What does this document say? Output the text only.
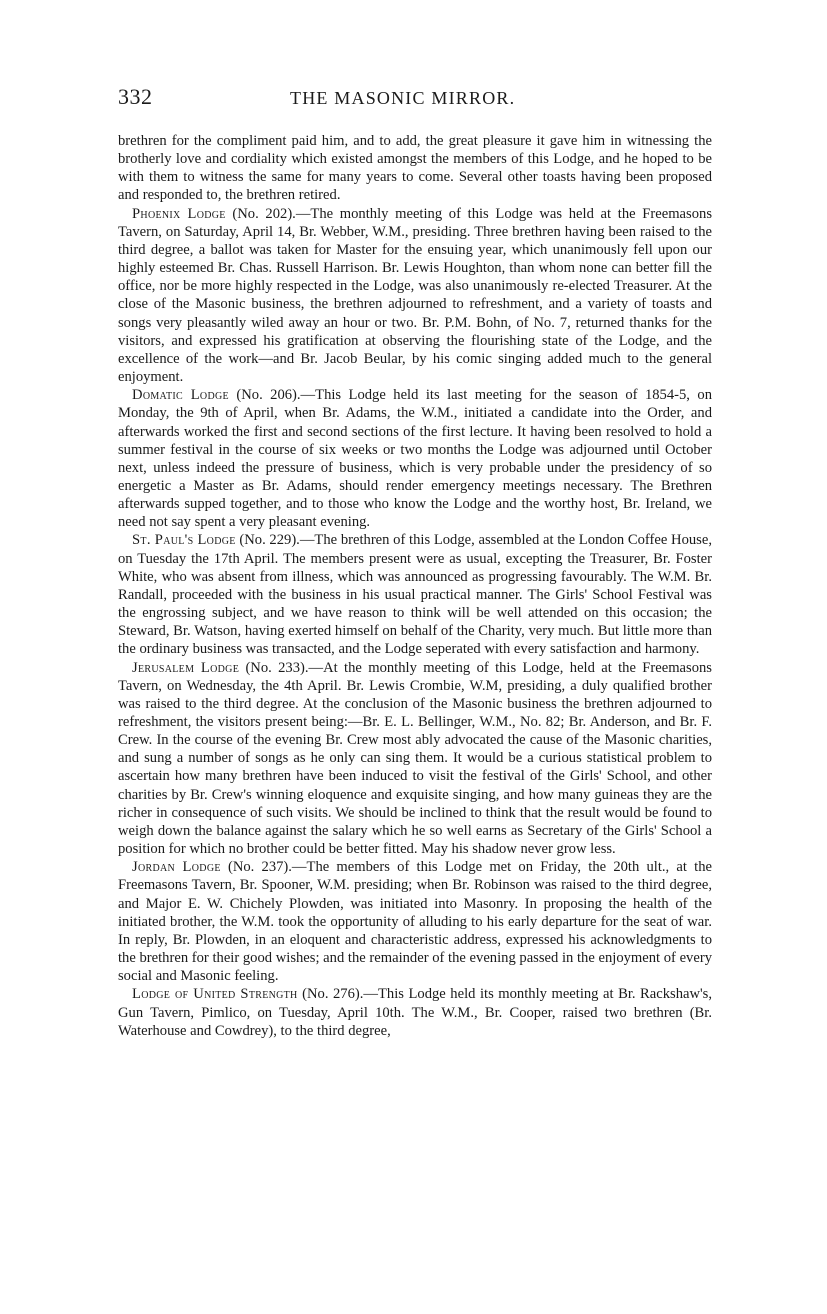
332	THE MASONIC MIRROR.

brethren for the compliment paid him, and to add, the great pleasure it gave him in witnessing the brotherly love and cordiality which existed amongst the members of this Lodge, and he hoped to be with them to witness the same for many years to come. Several other toasts having been proposed and responded to, the brethren retired.

Phoenix Lodge (No. 202).—The monthly meeting of this Lodge was held at the Freemasons Tavern, on Saturday, April 14, Br. Webber, W.M., presiding. Three brethren having been raised to the third degree, a ballot was taken for Master for the ensuing year, which unanimously fell upon our highly esteemed Br. Chas. Russell Harrison. Br. Lewis Houghton, than whom none can better fill the office, nor be more highly respected in the Lodge, was also unanimously re-elected Treasurer. At the close of the Masonic business, the brethren adjourned to refreshment, and a variety of toasts and songs very pleasantly wiled away an hour or two. Br. P.M. Bohn, of No. 7, returned thanks for the visitors, and expressed his gratification at observing the flourishing state of the Lodge, and the excellence of the work—and Br. Jacob Beular, by his comic singing added much to the general enjoyment.

Domatic Lodge (No. 206).—This Lodge held its last meeting for the season of 1854-5, on Monday, the 9th of April, when Br. Adams, the W.M., initiated a candidate into the Order, and afterwards worked the first and second sections of the first lecture. It having been resolved to hold a summer festival in the course of six weeks or two months the Lodge was adjourned until October next, unless indeed the pressure of business, which is very probable under the presidency of so energetic a Master as Br. Adams, should render emergency meetings necessary. The Brethren afterwards supped together, and to those who know the Lodge and the worthy host, Br. Ireland, we need not say spent a very pleasant evening.

St. Paul's Lodge (No. 229).—The brethren of this Lodge, assembled at the London Coffee House, on Tuesday the 17th April. The members present were as usual, excepting the Treasurer, Br. Foster White, who was absent from illness, which was announced as progressing favourably. The W.M. Br. Randall, proceeded with the business in his usual practical manner. The Girls' School Festival was the engrossing subject, and we have reason to think will be well attended on this occasion; the Steward, Br. Watson, having exerted himself on behalf of the Charity, very much. But little more than the ordinary business was transacted, and the Lodge seperated with every satisfaction and harmony.

Jerusalem Lodge (No. 233).—At the monthly meeting of this Lodge, held at the Freemasons Tavern, on Wednesday, the 4th April. Br. Lewis Crombie, W.M, presiding, a duly qualified brother was raised to the third degree. At the conclusion of the Masonic business the brethren adjourned to refreshment, the visitors present being:—Br. E. L. Bellinger, W.M., No. 82; Br. Anderson, and Br. F. Crew. In the course of the evening Br. Crew most ably advocated the cause of the Masonic charities, and sung a number of songs as he only can sing them. It would be a curious statistical problem to ascertain how many brethren have been induced to visit the festival of the Girls' School, and other charities by Br. Crew's winning eloquence and exquisite singing, and how many guineas they are the richer in consequence of such visits. We should be inclined to think that the result would be found to weigh down the balance against the salary which he so well earns as Secretary of the Girls' School a position for which no brother could be better fitted. May his shadow never grow less.

Jordan Lodge (No. 237).—The members of this Lodge met on Friday, the 20th ult., at the Freemasons Tavern, Br. Spooner, W.M. presiding; when Br. Robinson was raised to the third degree, and Major E. W. Chichely Plowden, was initiated into Masonry. In proposing the health of the initiated brother, the W.M. took the opportunity of alluding to his early departure for the seat of war. In reply, Br. Plowden, in an eloquent and characteristic address, expressed his acknowledgments to the brethren for their good wishes; and the remainder of the evening passed in the enjoyment of every social and Masonic feeling.

Lodge of United Strength (No. 276).—This Lodge held its monthly meeting at Br. Rackshaw's, Gun Tavern, Pimlico, on Tuesday, April 10th. The W.M., Br. Cooper, raised two brethren (Br. Waterhouse and Cowdrey), to the third degree,
